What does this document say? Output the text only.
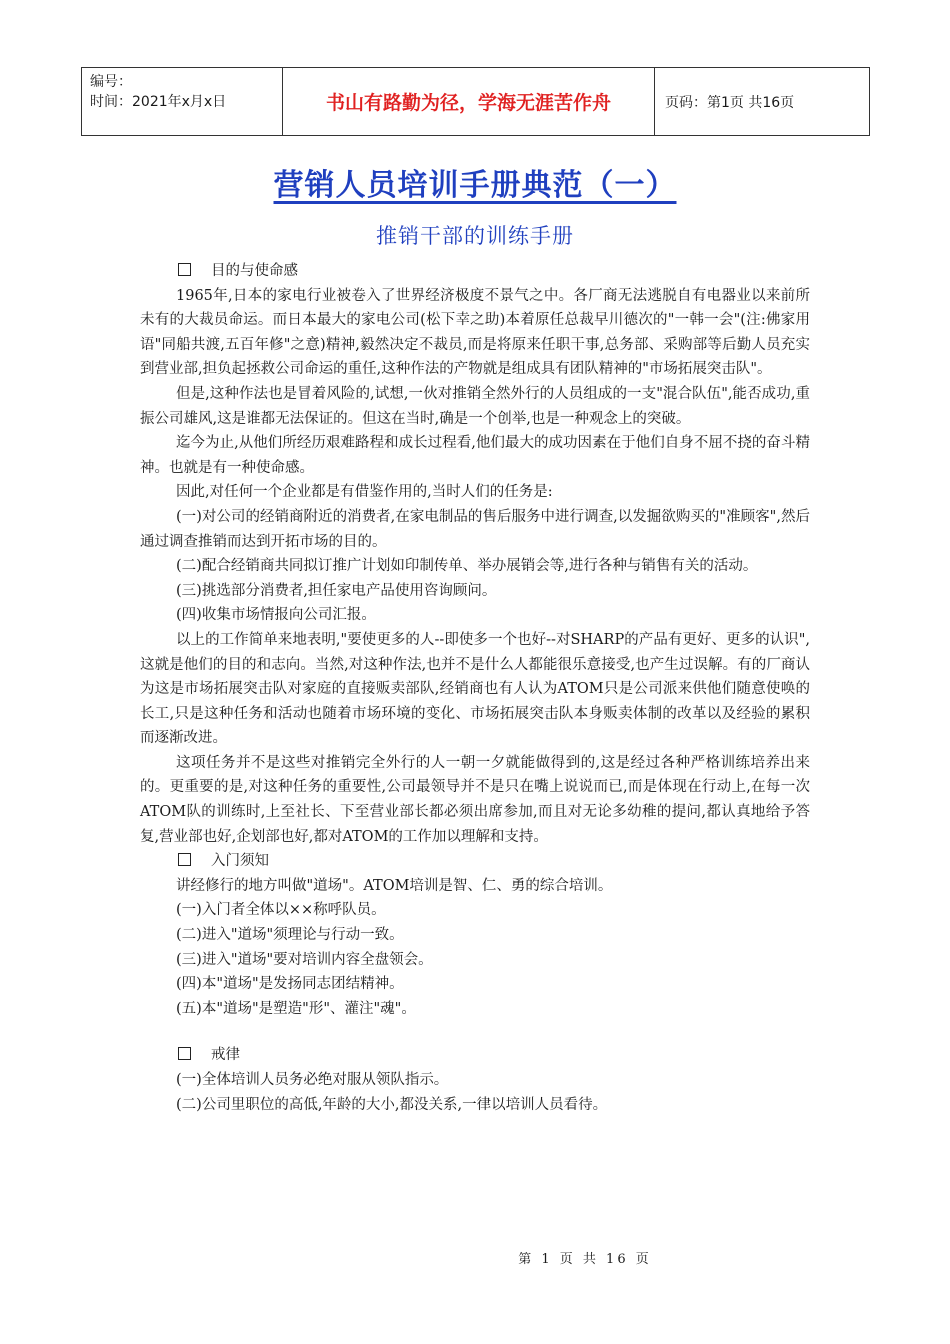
编号：
时间：2021年x月x日	书山有路勤为径，学海无涯苦作舟	页码：第1页 共16页
营销人员培训手册典范（一）
推销干部的训练手册

目的与使命感

1965年,日本的家电行业被卷入了世界经济极度不景气之中。各厂商无法逃脱自有电器业以来前所未有的大裁员命运。而日本最大的家电公司(松下幸之助)本着原任总裁早川德次的"一韩一会"(注:佛家用语"同船共渡,五百年修"之意)精神,毅然决定不裁员,而是将原来任职干事,总务部、采购部等后勤人员充实到营业部,担负起拯救公司命运的重任,这种作法的产物就是组成具有团队精神的"市场拓展突击队"。

但是,这种作法也是冒着风险的,试想,一伙对推销全然外行的人员组成的一支"混合队伍",能否成功,重振公司雄风,这是谁都无法保证的。但这在当时,确是一个创举,也是一种观念上的突破。

迄今为止,从他们所经历艰难路程和成长过程看,他们最大的成功因素在于他们自身不屈不挠的奋斗精神。也就是有一种使命感。

因此,对任何一个企业都是有借鉴作用的,当时人们的任务是:

(一)对公司的经销商附近的消费者,在家电制品的售后服务中进行调查,以发掘欲购买的"准顾客",然后通过调查推销而达到开拓市场的目的。

(二)配合经销商共同拟订推广计划如印制传单、举办展销会等,进行各种与销售有关的活动。

(三)挑选部分消费者,担任家电产品使用咨询顾问。

(四)收集市场情报向公司汇报。

以上的工作简单来地表明,"要使更多的人--即使多一个也好--对SHARP的产品有更好、更多的认识",这就是他们的目的和志向。当然,对这种作法,也并不是什么人都能很乐意接受,也产生过误解。有的厂商认为这是市场拓展突击队对家庭的直接贩卖部队,经销商也有人认为ATOM只是公司派来供他们随意使唤的长工,只是这种任务和活动也随着市场环境的变化、市场拓展突击队本身贩卖体制的改革以及经验的累积而逐渐改进。

这项任务并不是这些对推销完全外行的人一朝一夕就能做得到的,这是经过各种严格训练培养出来的。更重要的是,对这种任务的重要性,公司最领导并不是只在嘴上说说而已,而是体现在行动上,在每一次ATOM队的训练时,上至社长、下至营业部长都必须出席参加,而且对无论多幼稚的提问,都认真地给予答复,营业部也好,企划部也好,都对ATOM的工作加以理解和支持。

入门须知

讲经修行的地方叫做"道场"。ATOM培训是智、仁、勇的综合培训。

(一)入门者全体以××称呼队员。

(二)进入"道场"须理论与行动一致。

(三)进入"道场"要对培训内容全盘领会。

(四)本"道场"是发扬同志团结精神。

(五)本"道场"是塑造"形"、灌注"魂"。

戒律

(一)全体培训人员务必绝对服从领队指示。

(二)公司里职位的高低,年龄的大小,都没关系,一律以培训人员看待。

第 1 页 共 16 页
